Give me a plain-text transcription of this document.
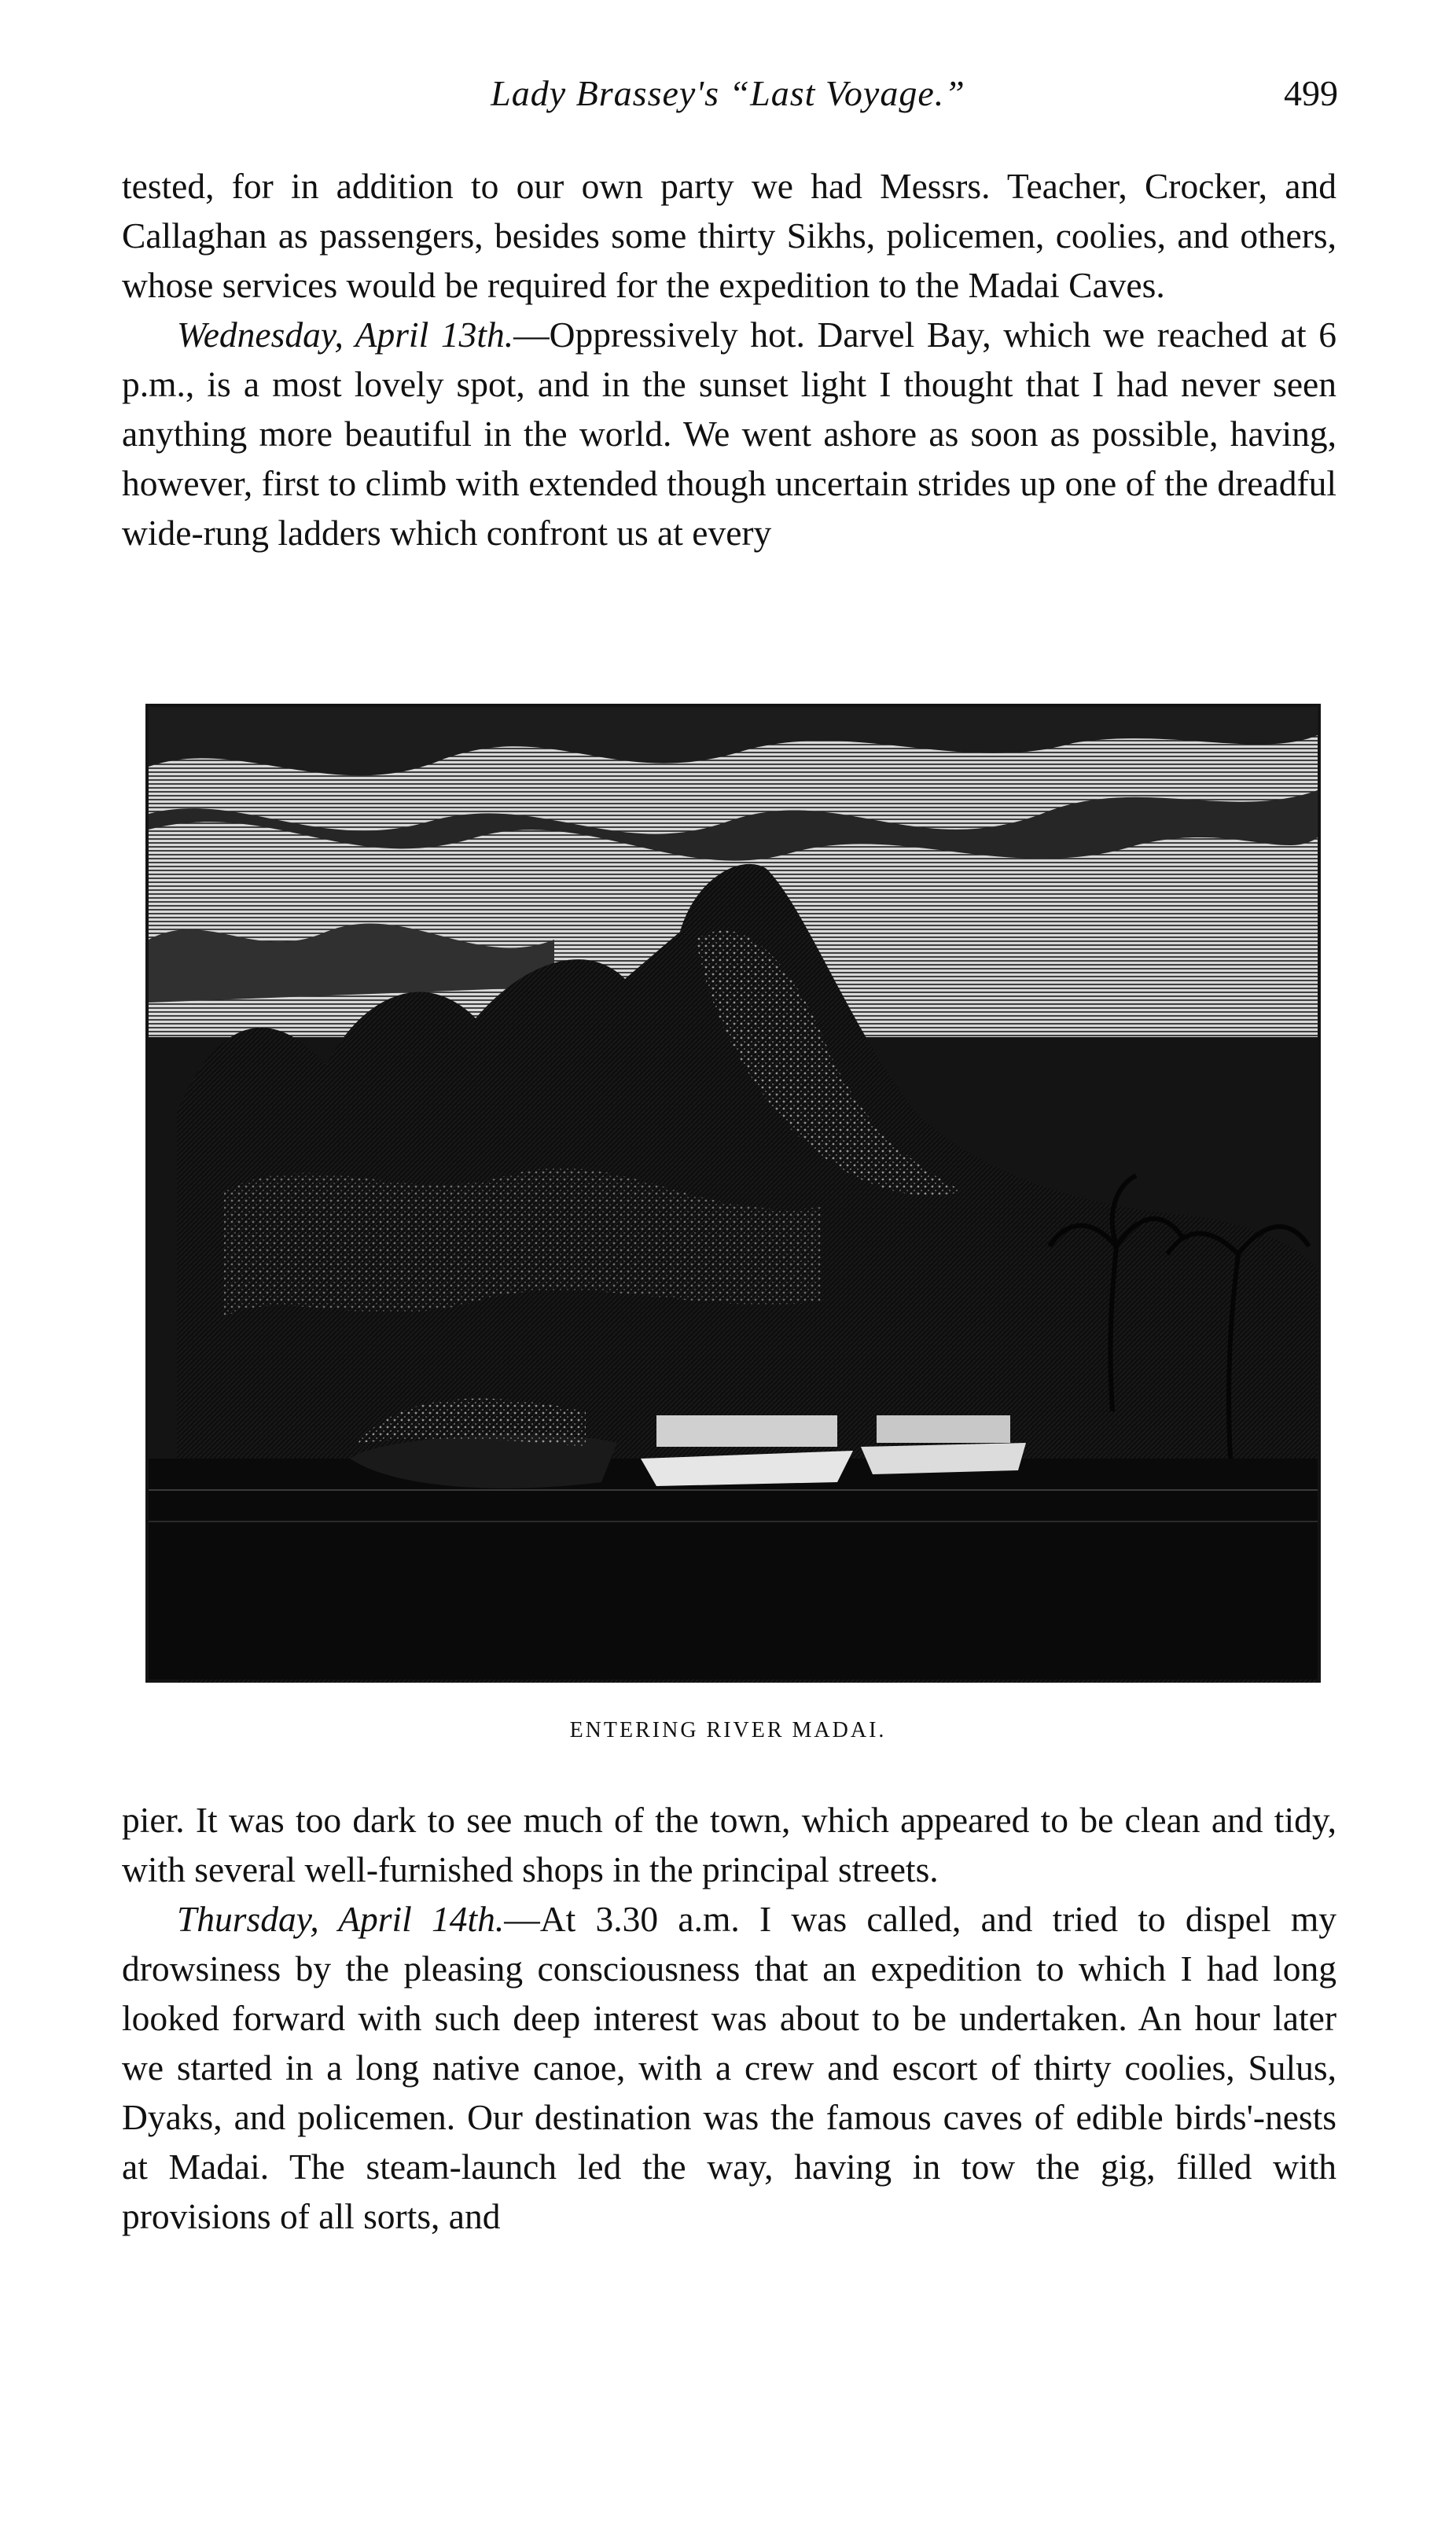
Lady Brassey's “Last Voyage.”	499

tested, for in addition to our own party we had Messrs. Teacher, Crocker, and Callaghan as passengers, besides some thirty Sikhs, policemen, coolies, and others, whose services would be required for the expedition to the Madai Caves.

Wednesday, April 13th.—Oppressively hot. Darvel Bay, which we reached at 6 p.m., is a most lovely spot, and in the sunset light I thought that I had never seen anything more beautiful in the world. We went ashore as soon as possible, having, however, first to climb with extended though uncertain strides up one of the dreadful wide-rung ladders which confront us at every

ENTERING RIVER MADAI.

pier. It was too dark to see much of the town, which appeared to be clean and tidy, with several well-furnished shops in the principal streets.

Thursday, April 14th.—At 3.30 a.m. I was called, and tried to dispel my drowsiness by the pleasing consciousness that an expedition to which I had long looked forward with such deep interest was about to be undertaken. An hour later we started in a long native canoe, with a crew and escort of thirty coolies, Sulus, Dyaks, and policemen. Our destination was the famous caves of edible birds'-nests at Madai. The steam-launch led the way, having in tow the gig, filled with provisions of all sorts, and
